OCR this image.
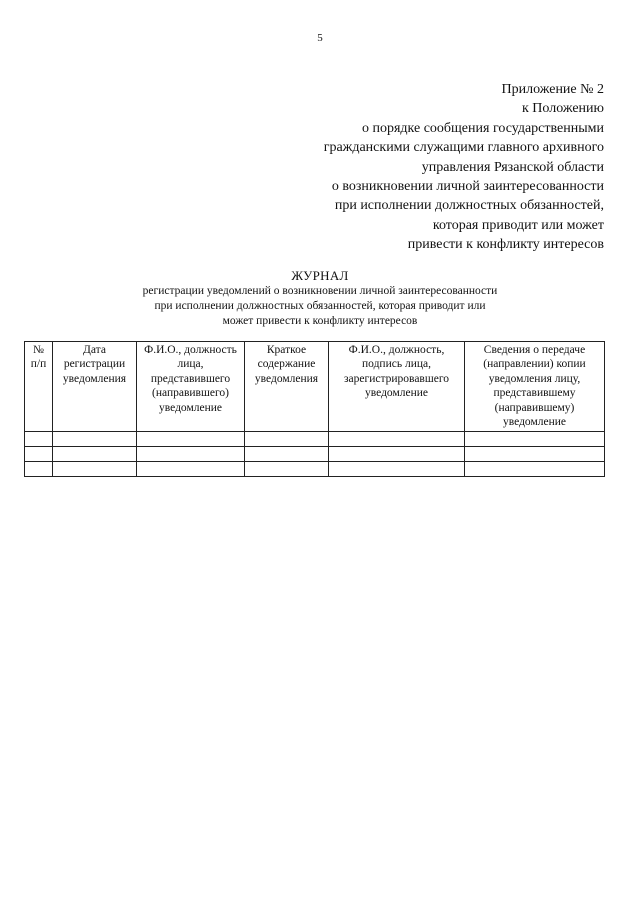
5
Приложение № 2
к Положению
о порядке сообщения государственными
гражданскими служащими главного архивного
управления Рязанской области
о возникновении личной заинтересованности
при исполнении должностных обязанностей,
которая приводит или может
привести к конфликту интересов
ЖУРНАЛ
регистрации уведомлений о возникновении личной заинтересованности
при исполнении должностных обязанностей, которая приводит или
может привести к конфликту интересов
№ п/п	Дата регистрации уведомления	Ф.И.О., должность лица, представившего (направившего) уведомление	Краткое содержание уведомления	Ф.И.О., должность, подпись лица, зарегистрировавшего уведомление	Сведения о передаче (направлении) копии уведомления лицу, представившему (направившему) уведомление
